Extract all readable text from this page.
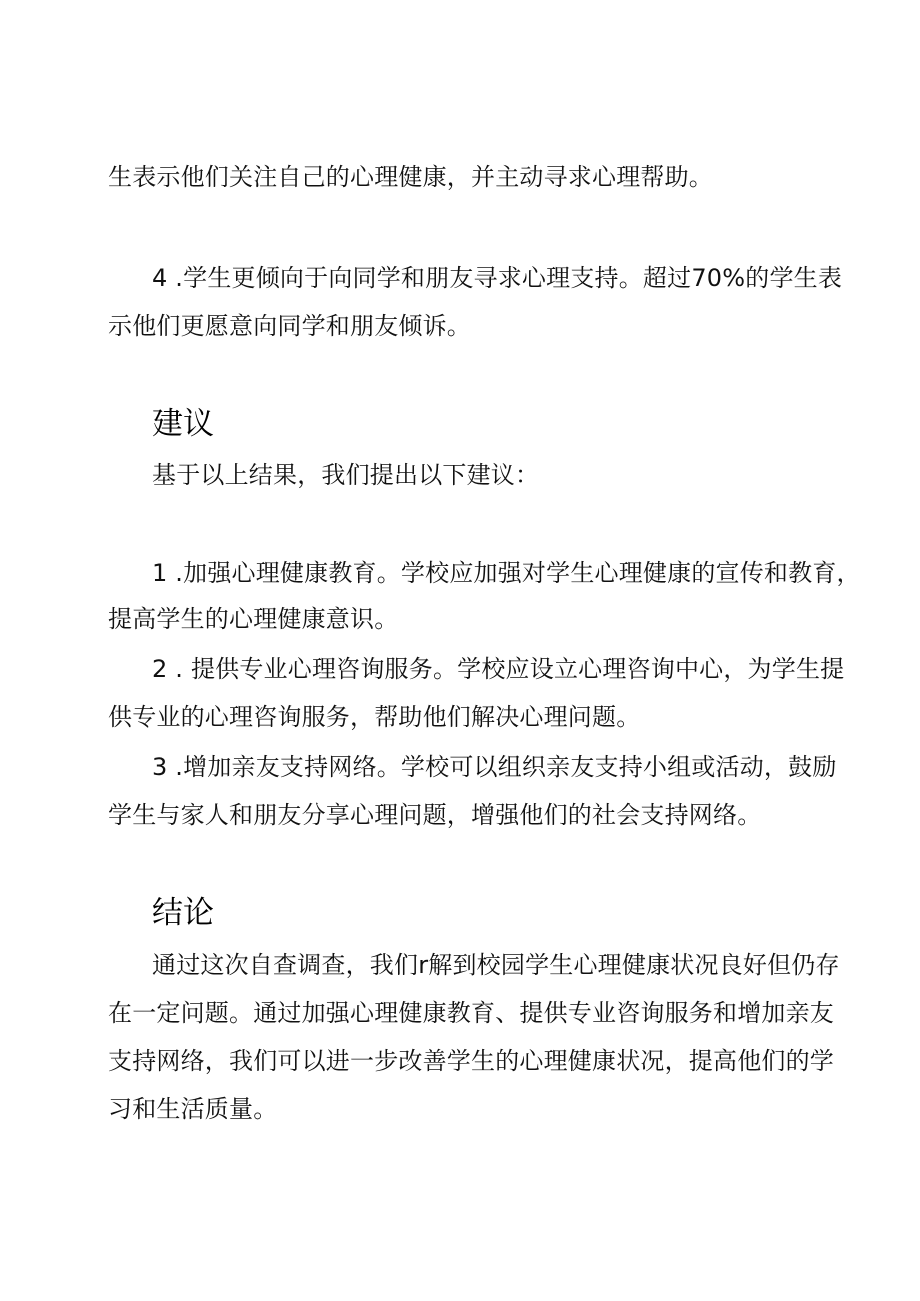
生表示他们关注自己的心理健康，并主动寻求心理帮助。
4 .学生更倾向于向同学和朋友寻求心理支持。超过70%的学生表
示他们更愿意向同学和朋友倾诉。
建议
基于以上结果，我们提出以下建议：
1 .加强心理健康教育。学校应加强对学生心理健康的宣传和教育，
提高学生的心理健康意识。
2 . 提供专业心理咨询服务。学校应设立心理咨询中心，为学生提
供专业的心理咨询服务，帮助他们解决心理问题。
3 .增加亲友支持网络。学校可以组织亲友支持小组或活动，鼓励
学生与家人和朋友分享心理问题，增强他们的社会支持网络。
结论
通过这次自查调查，我们r解到校园学生心理健康状况良好但仍存
在一定问题。通过加强心理健康教育、提供专业咨询服务和增加亲友
支持网络，我们可以进一步改善学生的心理健康状况，提高他们的学
习和生活质量。
